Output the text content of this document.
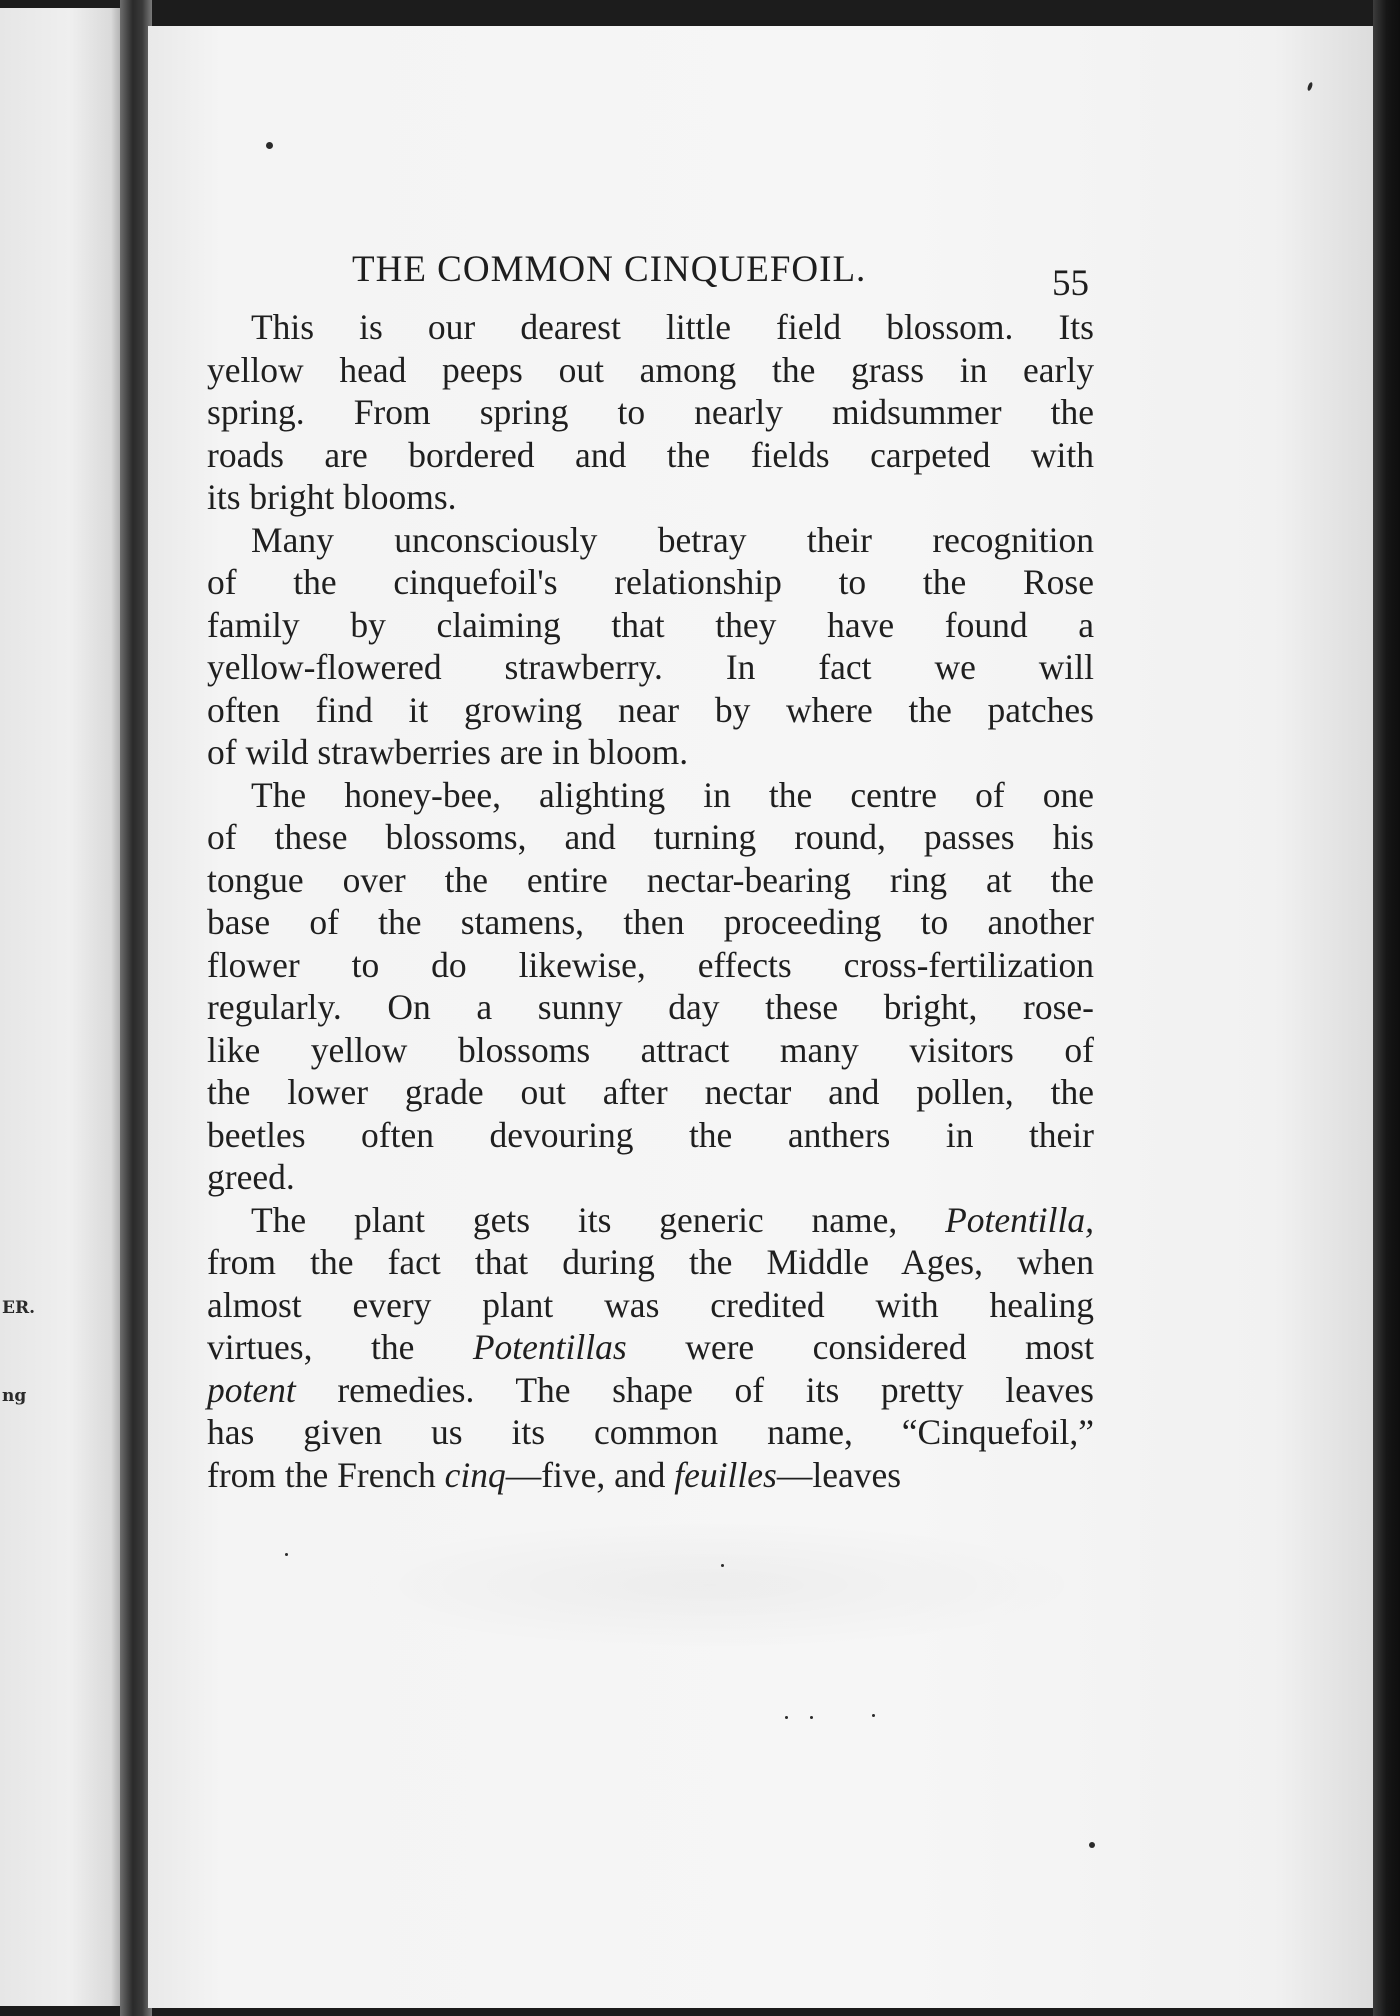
ER.
ng
THE COMMON CINQUEFOIL.	55
This is our dearest little field blossom. Its
yellow head peeps out among the grass in early
spring. From spring to nearly midsummer the
roads are bordered and the fields carpeted with
its bright blooms.
Many unconsciously betray their recognition
of the cinquefoil's relationship to the Rose
family by claiming that they have found a
yellow-flowered strawberry. In fact we will
often find it growing near by where the patches
of wild strawberries are in bloom.
The honey-bee, alighting in the centre of one
of these blossoms, and turning round, passes his
tongue over the entire nectar-bearing ring at the
base of the stamens, then proceeding to another
flower to do likewise, effects cross-fertilization
regularly. On a sunny day these bright, rose-
like yellow blossoms attract many visitors of
the lower grade out after nectar and pollen, the
beetles often devouring the anthers in their
greed.
The plant gets its generic name, Potentilla,
from the fact that during the Middle Ages, when
almost every plant was credited with healing
virtues, the Potentillas were considered most
potent remedies. The shape of its pretty leaves
has given us its common name, “Cinquefoil,”
from the French cinq—five, and feuilles—leaves
